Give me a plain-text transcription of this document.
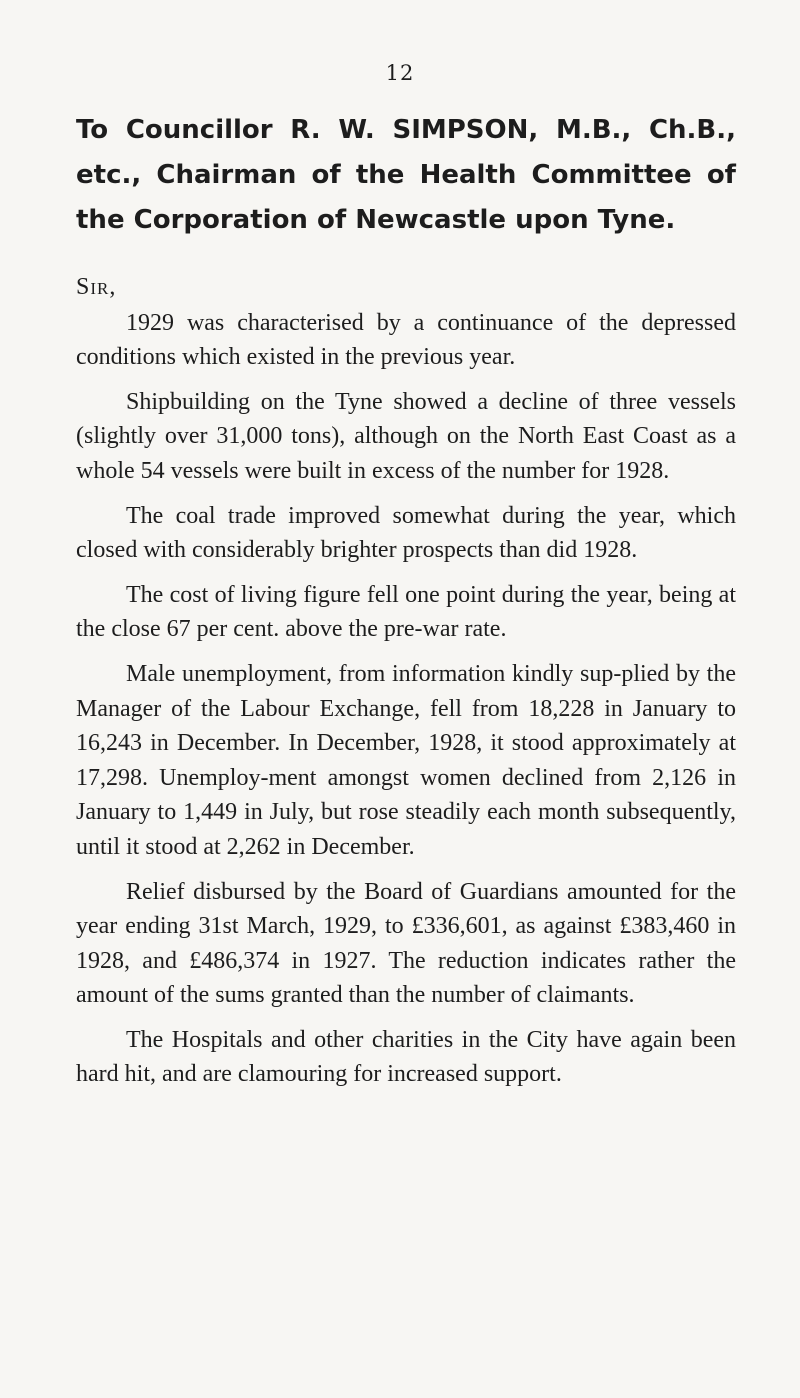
12
To Councillor R. W. SIMPSON, M.B., Ch.B., etc., Chairman of the Health Committee of the Corporation of Newcastle upon Tyne.

Sir,

1929 was characterised by a continuance of the depressed conditions which existed in the previous year.

Shipbuilding on the Tyne showed a decline of three vessels (slightly over 31,000 tons), although on the North East Coast as a whole 54 vessels were built in excess of the number for 1928.

The coal trade improved somewhat during the year, which closed with considerably brighter prospects than did 1928.

The cost of living figure fell one point during the year, being at the close 67 per cent. above the pre-war rate.

Male unemployment, from information kindly sup-plied by the Manager of the Labour Exchange, fell from 18,228 in January to 16,243 in December. In December, 1928, it stood approximately at 17,298. Unemploy-ment amongst women declined from 2,126 in January to 1,449 in July, but rose steadily each month subsequently, until it stood at 2,262 in December.

Relief disbursed by the Board of Guardians amounted for the year ending 31st March, 1929, to £336,601, as against £383,460 in 1928, and £486,374 in 1927. The reduction indicates rather the amount of the sums granted than the number of claimants.

The Hospitals and other charities in the City have again been hard hit, and are clamouring for increased support.
